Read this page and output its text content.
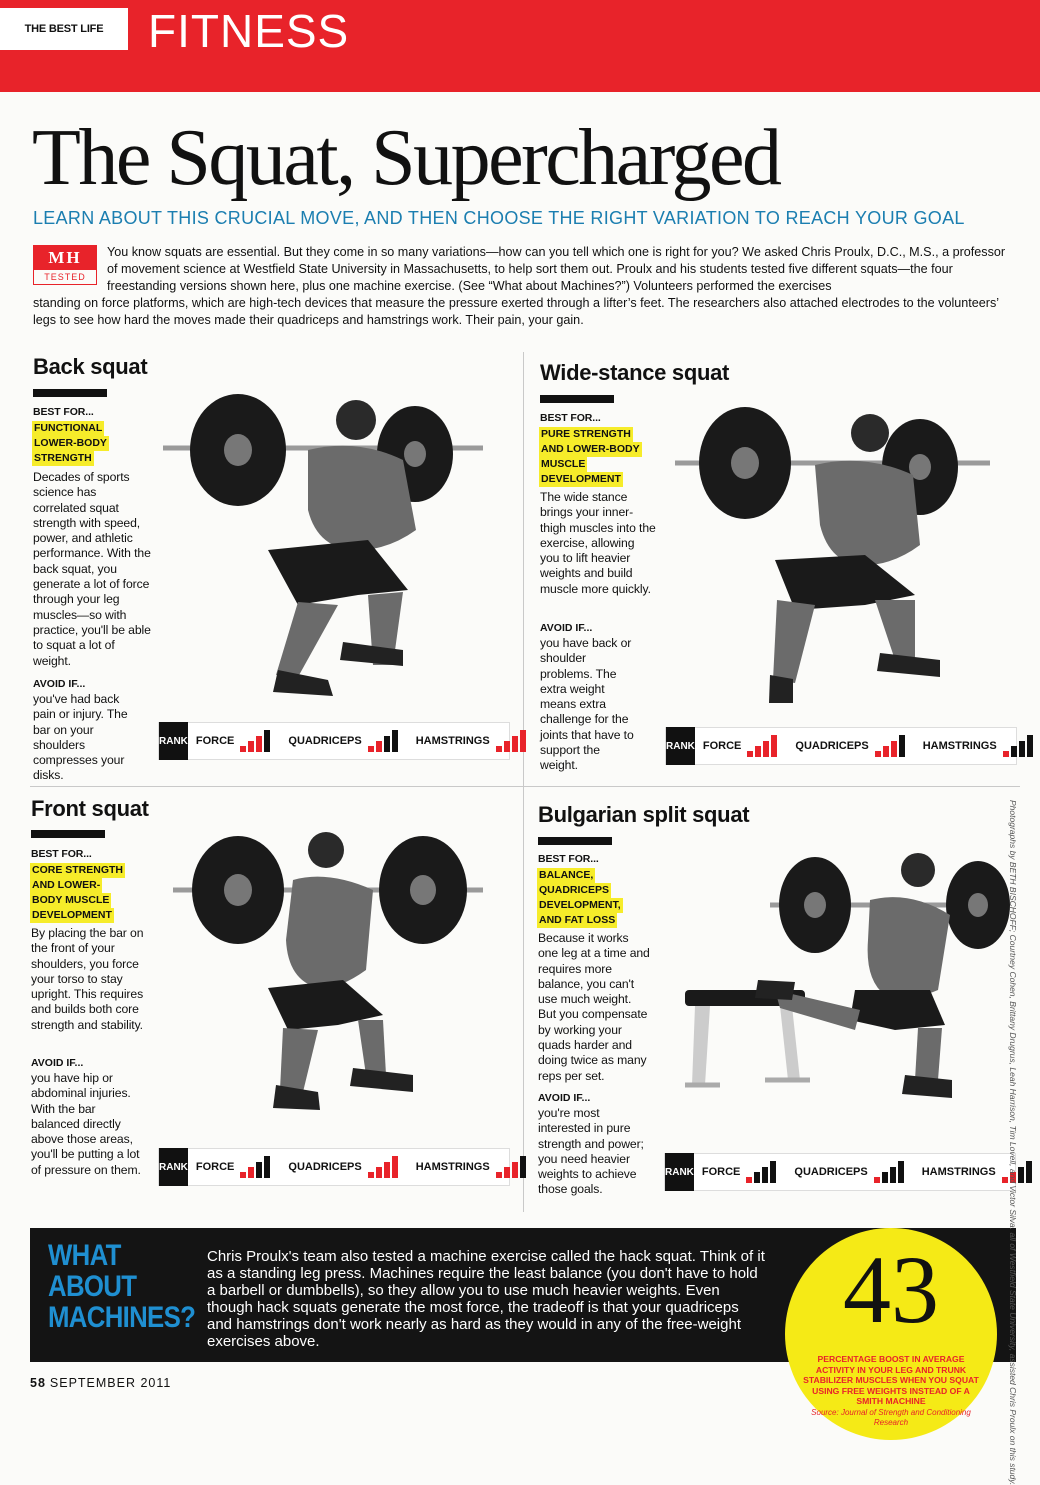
THE BEST LIFE FITNESS
The Squat, Supercharged
LEARN ABOUT THIS CRUCIAL MOVE, AND THEN CHOOSE THE RIGHT VARIATION TO REACH YOUR GOAL
You know squats are essential. But they come in so many variations—how can you tell which one is right for you? We asked Chris Proulx, D.C., M.S., a professor of movement science at Westfield State University in Massachusetts, to help sort them out. Proulx and his students tested five different squats—the four freestanding versions shown here, plus one machine exercise. (See “What about Machines?”) Volunteers performed the exercises
standing on force platforms, which are high-tech devices that measure the pressure exerted through a lifter’s feet. The researchers also attached electrodes to the volunteers’ legs to see how hard the moves made their quadriceps and hamstrings work. Their pain, your gain.
MH
TESTED
Back squat
BEST FOR...
FUNCTIONAL
LOWER-BODY
STRENGTH
Decades of sports science has correlated squat strength with speed, power, and athletic performance. With the back squat, you generate a lot of force through your leg muscles—so with practice, you'll be able to squat a lot of weight.
AVOID IF...
you've had back pain or injury. The bar on your shoulders compresses your disks.
RANK FORCE	QUADRICEPS	HAMSTRINGS
Wide-stance squat
BEST FOR...
PURE STRENGTH
AND LOWER-BODY
MUSCLE
DEVELOPMENT
The wide stance brings your inner-thigh muscles into the exercise, allowing you to lift heavier weights and build muscle more quickly.
AVOID IF...
you have back or shoulder problems. The extra weight means extra challenge for the joints that have to support the weight.
RANK FORCE	QUADRICEPS	HAMSTRINGS
Front squat
BEST FOR...
CORE STRENGTH
AND LOWER-
BODY MUSCLE
DEVELOPMENT
By placing the bar on the front of your shoulders, you force your torso to stay upright. This requires and builds both core strength and stability.
AVOID IF...
you have hip or abdominal injuries. With the bar balanced directly above those areas, you'll be putting a lot of pressure on them. RANK FORCE	QUADRICEPS	HAMSTRINGS
Bulgarian split squat
BEST FOR...
BALANCE,
QUADRICEPS
DEVELOPMENT,
AND FAT LOSS
Because it works one leg at a time and requires more balance, you can't use much weight. But you compensate by working your quads harder and doing twice as many reps per set.
AVOID IF...
you're most interested in pure strength and power; you need heavier weights to achieve those goals.
RANK FORCE	QUADRICEPS	HAMSTRINGS
WHAT ABOUT MACHINES?
Chris Proulx's team also tested a machine exercise called the hack squat. Think of it as a standing leg press. Machines require the least balance (you don't have to hold a barbell or dumbbells), so they allow you to use much heavier weights. Even though hack squats generate the most force, the tradeoff is that your quadriceps and hamstrings don't work nearly as hard as they would in any of the free-weight exercises above.	43
PERCENTAGE BOOST IN AVERAGE ACTIVITY IN YOUR LEG AND TRUNK STABILIZER MUSCLES WHEN YOU SQUAT USING FREE WEIGHTS INSTEAD OF A SMITH MACHINE
Source: Journal of Strength and Conditioning Research
58 SEPTEMBER 2011	Photographs by BETH BISCHOFF; Courtney Cohen, Brittany Drugrus, Leah Harrison, Tim Lovell, and Victor Silva. all of Westfield State University, assisted Chris Proulx on this study.
